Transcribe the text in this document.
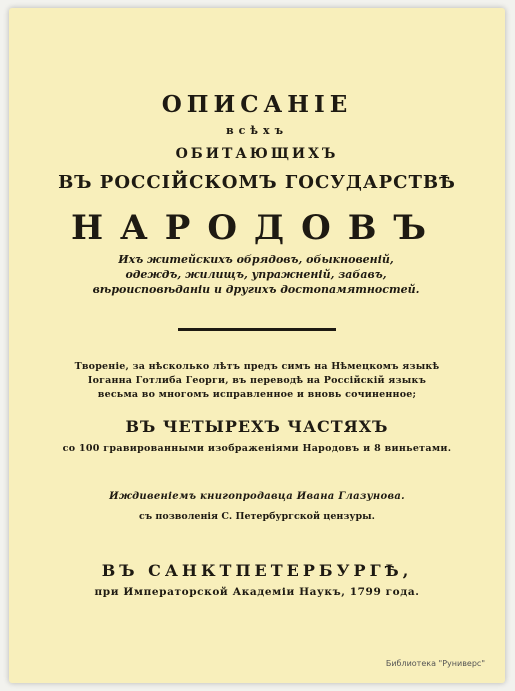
ОПИСАНІЕ
всѣхъ
ОБИТАЮЩИХЪ
ВЪ РОССІЙСКОМЪ ГОСУДАРСТВѢ
НАРОДОВЪ
Ихъ житейскихъ обрядовъ, обыкновеній, одеждъ, жилищъ, упражненій, забавъ, вѣроисповѣданіи и другихъ достопамятностей.
Твореніе, за нѣсколько лѣтъ предъ симъ на Нѣмецкомъ языкѣ Іоганна Готлиба Георги, въ переводѣ на Россійскій языкъ весьма во многомъ исправленное и вновь сочиненное;
ВЪ ЧЕТЫРЕХЪ ЧАСТЯХЪ
со 100 гравированными изображеніями Народовъ и 8 виньетами.
Иждивеніемъ книгопродавца Ивана Глазунова.
съ позволенія С. Петербургской цензуры.
ВЪ САНКТПЕТЕРБУРГѢ,
при Императорской Академіи Наукъ, 1799 года.
Библиотека "Руниверс"
